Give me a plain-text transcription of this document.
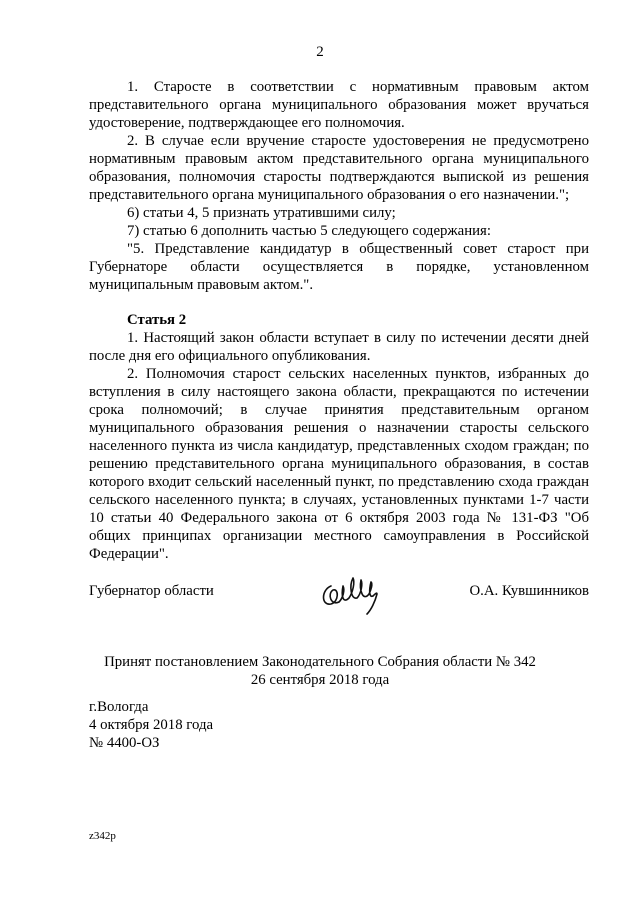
2

1. Старосте в соответствии с нормативным правовым актом представительного органа муниципального образования может вручаться удостоверение, подтверждающее его полномочия.

2. В случае если вручение старосте удостоверения не предусмотрено нормативным правовым актом представительного органа муниципального образования, полномочия старосты подтверждаются выпиской из решения представительного органа муниципального образования о его назначении.";

6) статьи 4, 5 признать утратившими силу;

7) статью 6 дополнить частью 5 следующего содержания:

"5. Представление кандидатур в общественный совет старост при Губернаторе области осуществляется в порядке, установленном муниципальным правовым актом.".

Статья 2

1. Настоящий закон области вступает в силу по истечении десяти дней после дня его официального опубликования.

2. Полномочия старост сельских населенных пунктов, избранных до вступления в силу настоящего закона области, прекращаются по истечении срока полномочий; в случае принятия представительным органом муниципального образования решения о назначении старосты сельского населенного пункта из числа кандидатур, представленных сходом граждан; по решению представительного органа муниципального образования, в состав которого входит сельский населенный пункт, по представлению схода граждан сельского населенного пункта; в случаях, установленных пунктами 1-7 части 10 статьи 40 Федерального закона от 6 октября 2003 года № 131-ФЗ "Об общих принципах организации местного самоуправления в Российской Федерации".

Губернатор области	О.А. Кувшинников
Принят постановлением Законодательного Собрания области № 342
26 сентября 2018 года
г.Вологда
4 октября 2018 года
№ 4400-ОЗ
z342p
